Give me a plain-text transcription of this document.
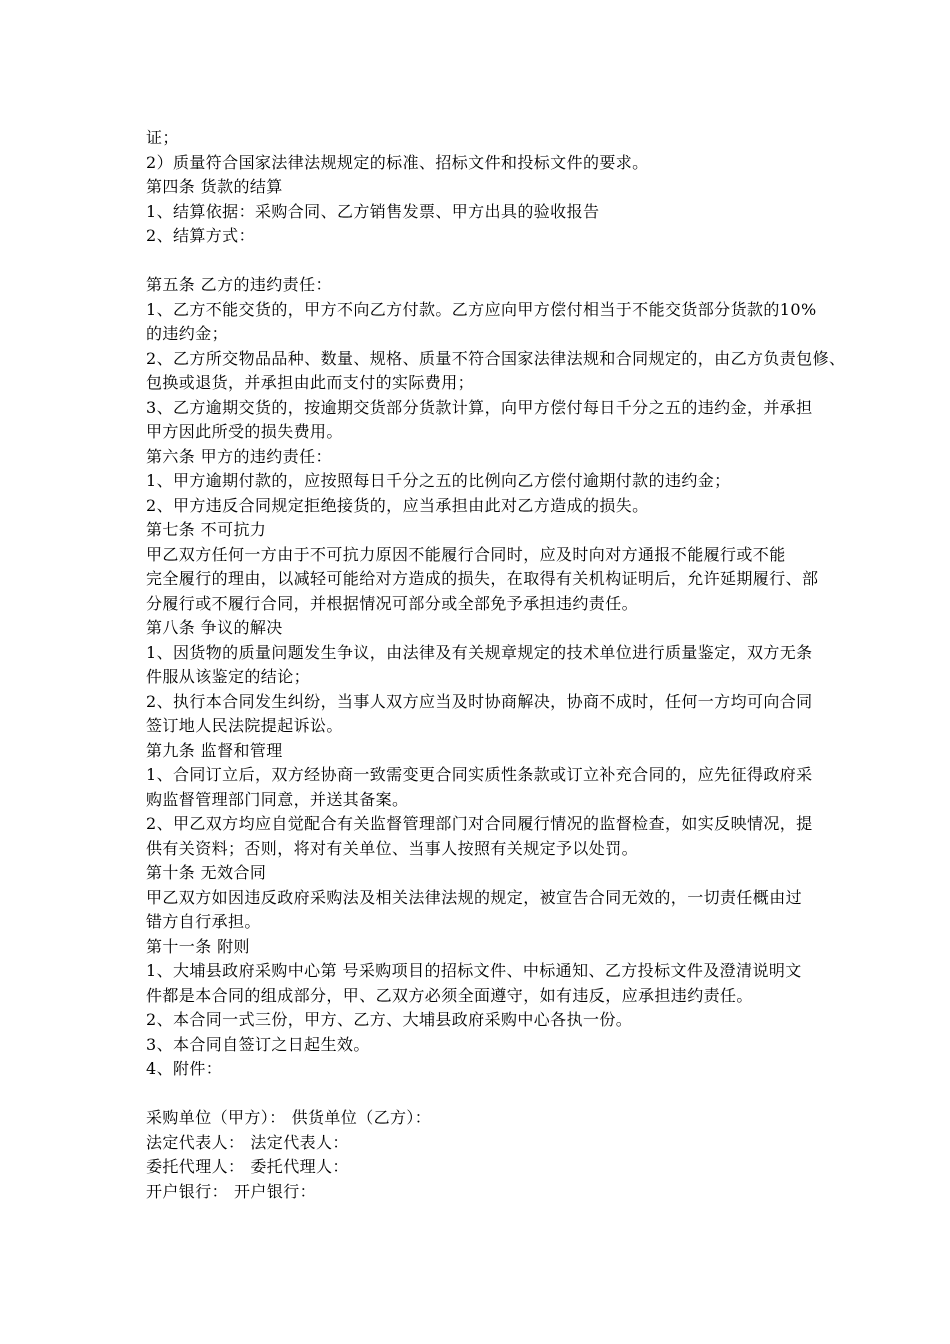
证；
2）质量符合国家法律法规规定的标准、招标文件和投标文件的要求。
第四条 货款的结算
1、结算依据：采购合同、乙方销售发票、甲方出具的验收报告
2、结算方式：
第五条 乙方的违约责任：
1、乙方不能交货的，甲方不向乙方付款。乙方应向甲方偿付相当于不能交货部分货款的10%
的违约金；
2、乙方所交物品品种、数量、规格、质量不符合国家法律法规和合同规定的，由乙方负责包修、
包换或退货，并承担由此而支付的实际费用；
3、乙方逾期交货的，按逾期交货部分货款计算，向甲方偿付每日千分之五的违约金，并承担
甲方因此所受的损失费用。
第六条 甲方的违约责任：
1、甲方逾期付款的，应按照每日千分之五的比例向乙方偿付逾期付款的违约金；
2、甲方违反合同规定拒绝接货的，应当承担由此对乙方造成的损失。
第七条 不可抗力
甲乙双方任何一方由于不可抗力原因不能履行合同时，应及时向对方通报不能履行或不能
完全履行的理由，以减轻可能给对方造成的损失，在取得有关机构证明后，允许延期履行、部
分履行或不履行合同，并根据情况可部分或全部免予承担违约责任。
第八条 争议的解决
1、因货物的质量问题发生争议，由法律及有关规章规定的技术单位进行质量鉴定，双方无条
件服从该鉴定的结论；
2、执行本合同发生纠纷，当事人双方应当及时协商解决，协商不成时，任何一方均可向合同
签订地人民法院提起诉讼。
第九条 监督和管理
1、合同订立后，双方经协商一致需变更合同实质性条款或订立补充合同的，应先征得政府采
购监督管理部门同意，并送其备案。
2、甲乙双方均应自觉配合有关监督管理部门对合同履行情况的监督检查，如实反映情况，提
供有关资料；否则，将对有关单位、当事人按照有关规定予以处罚。
第十条 无效合同
甲乙双方如因违反政府采购法及相关法律法规的规定，被宣告合同无效的，一切责任概由过
错方自行承担。
第十一条 附则
1、大埔县政府采购中心第 号采购项目的招标文件、中标通知、乙方投标文件及澄清说明文
件都是本合同的组成部分，甲、乙双方必须全面遵守，如有违反，应承担违约责任。
2、本合同一式三份，甲方、乙方、大埔县政府采购中心各执一份。
3、本合同自签订之日起生效。
4、附件：
采购单位（甲方）： 供货单位（乙方）：
法定代表人： 法定代表人：
委托代理人： 委托代理人：
开户银行： 开户银行：
